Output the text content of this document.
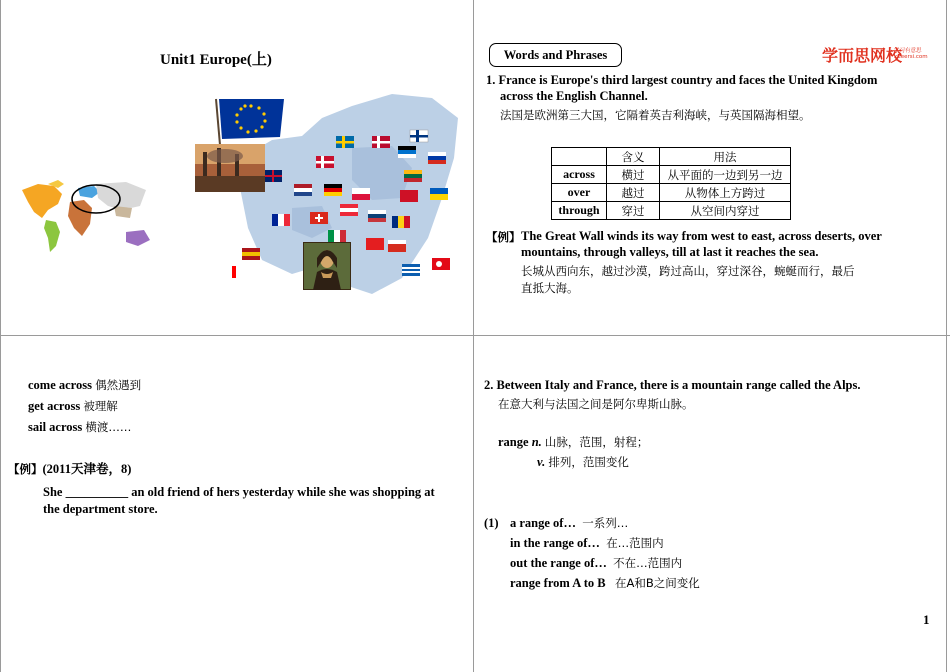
Unit1 Europe(上)	Words and Phrases	学而思网校
学习有意思
xueersi.com
1. France is Europe's third largest country and faces the United Kingdom
across the English Channel.
法国是欧洲第三大国，它隔着英吉利海峡，与英国隔海相望。
	含义	用法
across	横过	从平面的一边到另一边
over	越过	从物体上方跨过
through	穿过	从空间内穿过
【例】 The Great Wall winds its way from west to east, across deserts, over
mountains, through valleys, till at last it reaches the sea.
长城从西向东，越过沙漠，跨过高山，穿过深谷，蜿蜒而行，最后
直抵大海。
come across 偶然遇到
get across 被理解
sail across 横渡……
【例】(2011天津卷，8)
She __________ an old friend of hers yesterday while she was shopping at
the department store.
2. Between Italy and France, there is a mountain range called the Alps.
在意大利与法国之间是阿尔卑斯山脉。
range n. 山脉，范围，射程；
v. 排列，范围变化
(1) a range of… 一系列…
in the range of… 在…范围内
out the range of… 不在…范围内
range from A to B 在A和B之间变化
1
